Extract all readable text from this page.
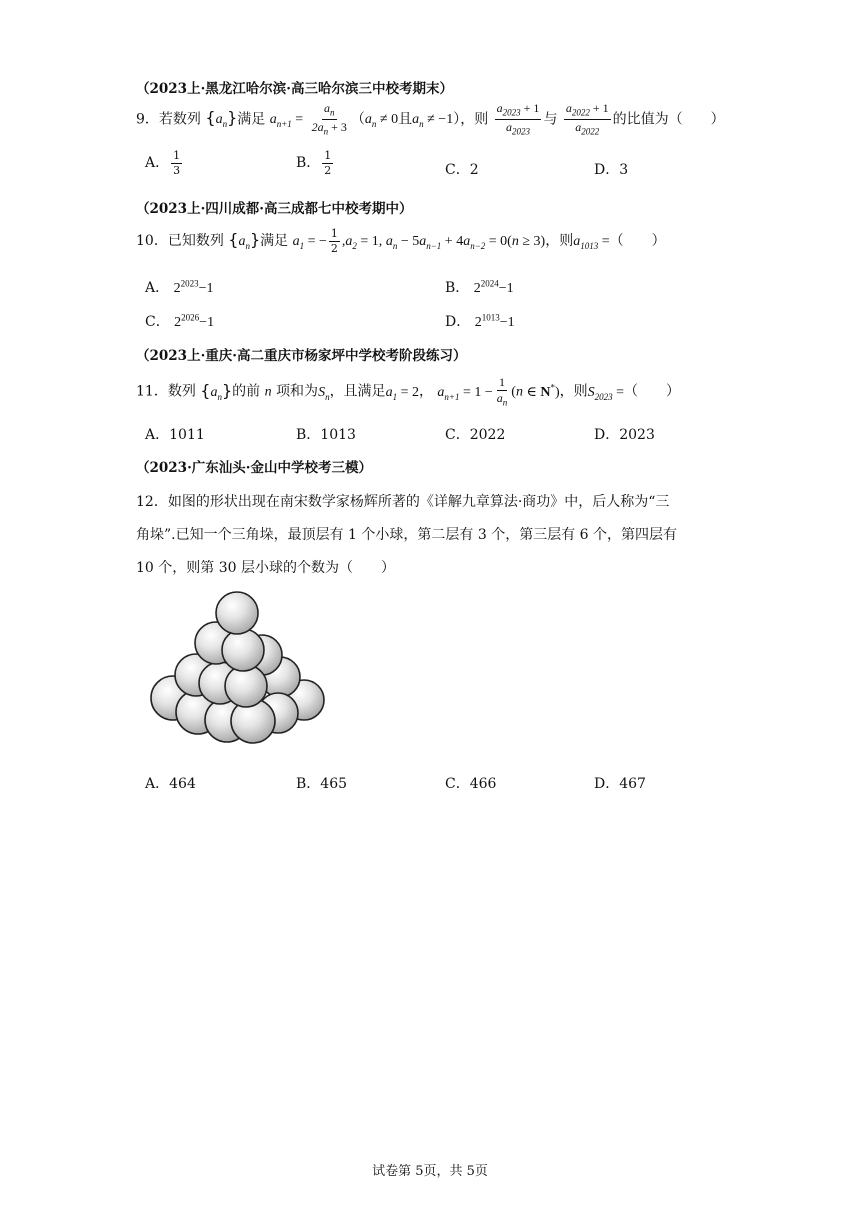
（2023上·黑龙江哈尔滨·高三哈尔滨三中校考期末）
9．若数列 $\{a_n\}$满足 $a_{n+1} = \frac{a_n}{2a_n + 3} (a_n \ne 0$且$a_n \ne -1$），则 $\frac{a_{2023} + 1}{a_{2023}}$ 与 $\frac{a_{2022} + 1}{a_{2022}}$ 的比值为（　　）
A． $\frac{1}{3}$	B． $\frac{1}{2}$	C．2	D．3
（2023上·四川成都·高三成都七中校考期中）
10．已知数列 $\{a_n\}$满足 $a_1$ = − $\frac{1}{2} ,a_2 = 1$, $a_n - 5a_{n-1} + 4a_{n-2} = 0(n \ge 3)$，则$a_{1013}$ =（　　）
A． $2^{2023}-1$	B． $2^{2024}-1$
C． $2^{2026}-1$	D． $2^{1013}-1$
（2023上·重庆·高二重庆市杨家坪中学校考阶段练习）
11．数列 $\{a_n\}$的前 n 项和为$S_n$，且满足$a_1 = 2$， $a_{n+1} = 1 - \frac{1}{a_n} (n$ ∈ N*)，则$S_{2023}$ =（　　）
A．1011	B．1013	C．2022	D．2023
（2023·广东汕头·金山中学校考三模）
12．如图的形状出现在南宋数学家杨辉所著的《详解九章算法·商功》中，后人称为“三
角垛”.已知一个三角垛，最顶层有 1 个小球，第二层有 3 个，第三层有 6 个，第四层有
10 个，则第 30 层小球的个数为（　　）
A．464	B．465	C．466	D．467
试卷第 5页，共 5页
